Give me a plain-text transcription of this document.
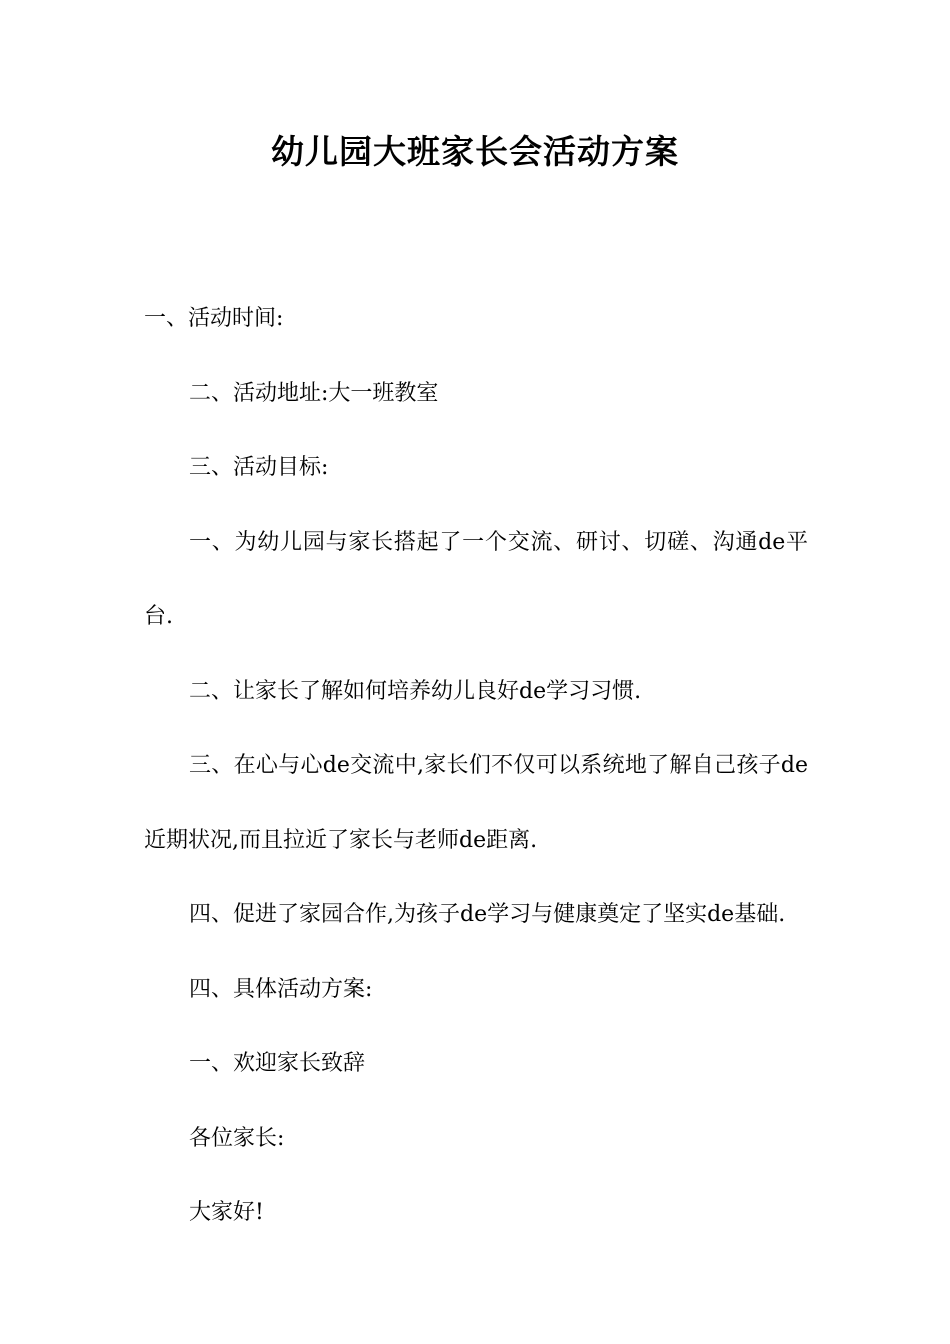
幼儿园大班家长会活动方案

一、活动时间:

二、活动地址:大一班教室

三、活动目标:

一、为幼儿园与家长搭起了一个交流、研讨、切磋、沟通de平台.

二、让家长了解如何培养幼儿良好de学习习惯.

三、在心与心de交流中,家长们不仅可以系统地了解自己孩子de近期状况,而且拉近了家长与老师de距离.

四、促进了家园合作,为孩子de学习与健康奠定了坚实de基础.

四、具体活动方案:

一、欢迎家长致辞

各位家长:

大家好!
